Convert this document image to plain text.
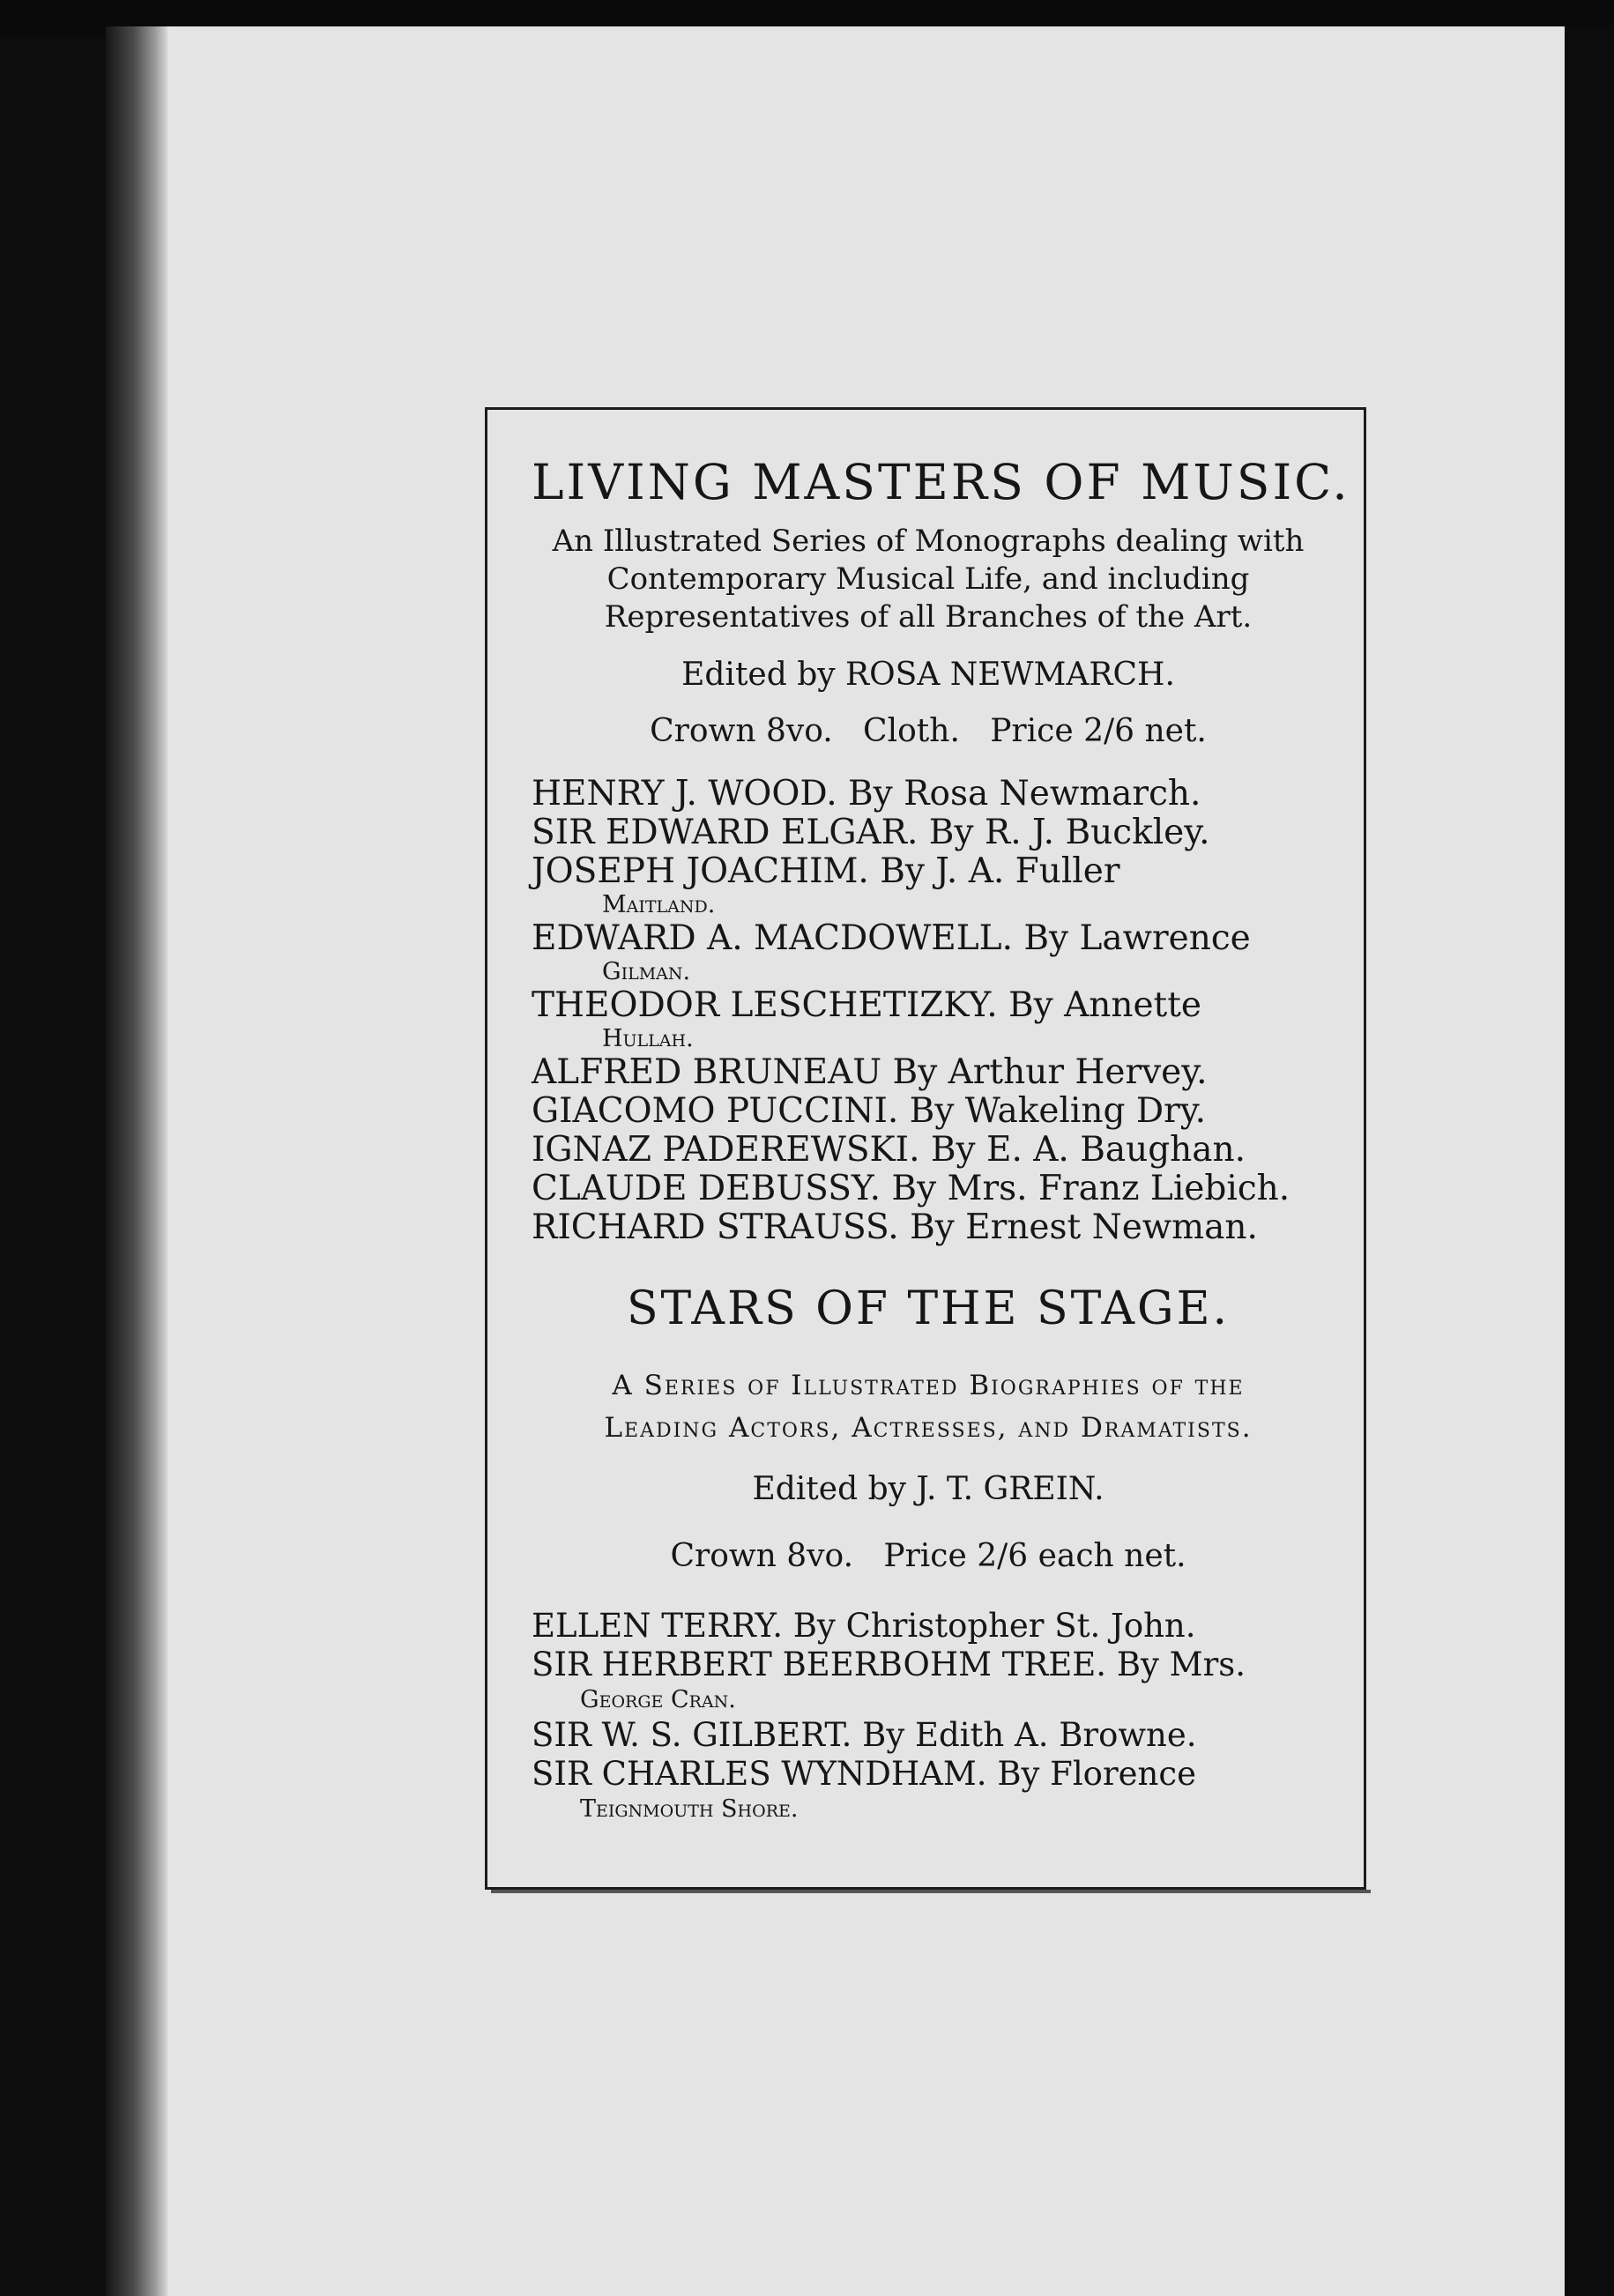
LIVING MASTERS OF MUSIC.
An Illustrated Series of Monographs dealing with
Contemporary Musical Life, and including
Representatives of all Branches of the Art.
Edited by ROSA NEWMARCH.
Crown 8vo.   Cloth.   Price 2/6 net.
HENRY J. WOOD. By Rosa Newmarch.
SIR EDWARD ELGAR. By R. J. Buckley.
JOSEPH JOACHIM. By J. A. Fuller
Maitland.
EDWARD A. MACDOWELL. By Lawrence
Gilman.
THEODOR LESCHETIZKY. By Annette
Hullah.
ALFRED BRUNEAU By Arthur Hervey.
GIACOMO PUCCINI. By Wakeling Dry.
IGNAZ PADEREWSKI. By E. A. Baughan.
CLAUDE DEBUSSY. By Mrs. Franz Liebich.
RICHARD STRAUSS. By Ernest Newman.
STARS OF THE STAGE.
A Series of Illustrated Biographies of the
Leading Actors, Actresses, and Dramatists.
Edited by J. T. GREIN.
Crown 8vo.   Price 2/6 each net.
ELLEN TERRY. By Christopher St. John.
SIR HERBERT BEERBOHM TREE. By Mrs.
George Cran.
SIR W. S. GILBERT. By Edith A. Browne.
SIR CHARLES WYNDHAM. By Florence
Teignmouth Shore.
